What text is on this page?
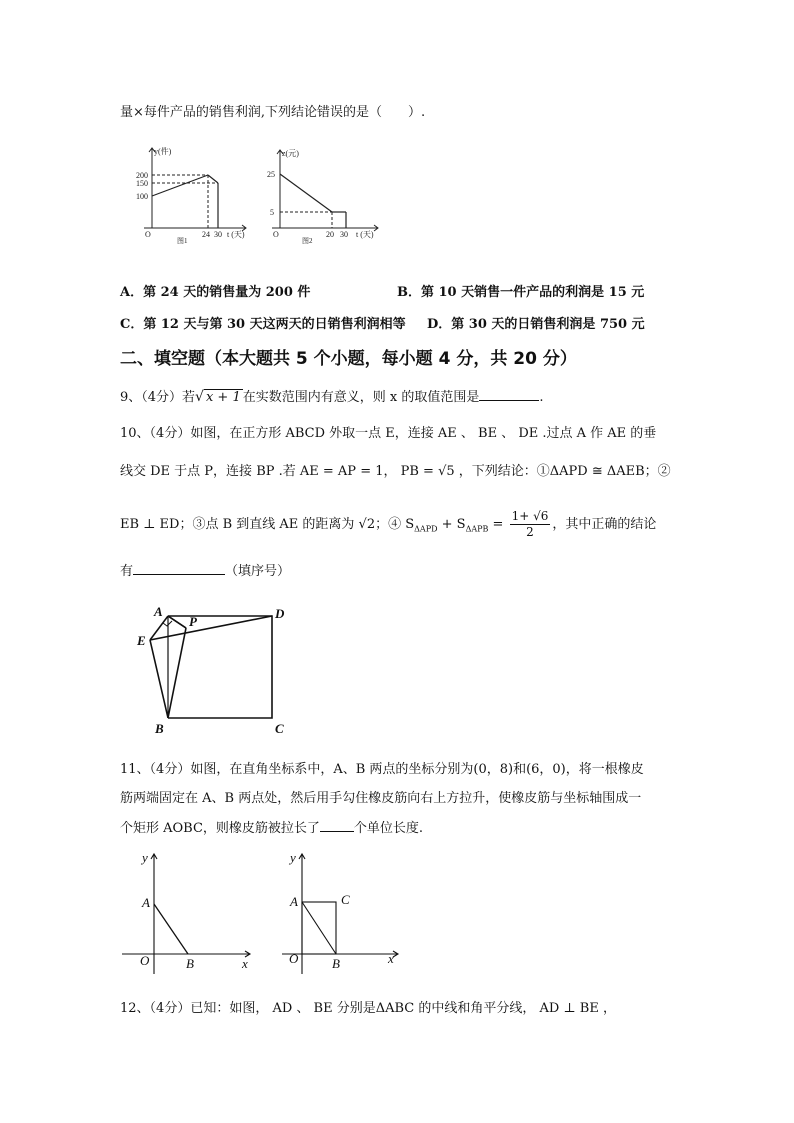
量×每件产品的销售利润,下列结论错误的是（　　）.
y(件)
200
150
100
O	24 30 t (天)
图1
z(元)
25
5
O	20 30 t (天)
图2
A．第 24 天的销售量为 200 件	B．第 10 天销售一件产品的利润是 15 元
C．第 12 天与第 30 天这两天的日销售利润相等 D．第 30 天的日销售利润是 750 元
二、填空题（本大题共 5 个小题，每小题 4 分，共 20 分）
9、（4分）若√ x + 1 在实数范围内有意义，则 x 的取值范围是	.
10、（4分）如图，在正方形 ABCD 外取一点 E，连接 AE 、 BE 、 DE .过点 A 作 AE 的垂
线交 DE 于点 P，连接 BP .若 AE = AP = 1， PB = √5 ，下列结论：①ΔAPD ≅ ΔAEB；②
EB ⊥ ED；③点 B 到直线 AE 的距离为 √2；④ $S_{\Delta APD} + S_{\Delta APB} = \frac{1+ √6}{2}$ ，其中正确的结论
有	（填序号）
A
P
D
E
B	C
11、（4分）如图，在直角坐标系中，A、B 两点的坐标分别为(0，8)和(6，0)，将一根橡皮
筋两端固定在 A、B 两点处，然后用手勾住橡皮筋向右上方拉升，使橡皮筋与坐标轴围成一
个矩形 AOBC，则橡皮筋被拉长了	个单位长度.
y
A
O	B	x
y
A	C
O	B	x
12、（4分）已知：如图， AD 、 BE 分别是ΔABC 的中线和角平分线， AD ⊥ BE ，
